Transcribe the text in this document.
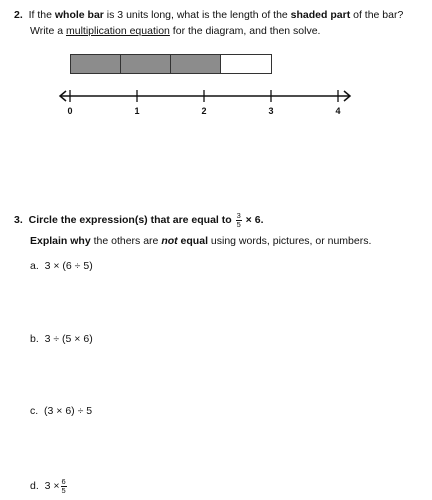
2. If the whole bar is 3 units long, what is the length of the shaded part of the bar?
Write a multiplication equation for the diagram, and then solve.
0	1	2	3	4
3. Circle the expression(s) that are equal to $\frac{3}{5} \times 6$.
Explain why the others are not equal using words, pictures, or numbers.
a. 3 × (6 ÷ 5)
b. 3 ÷ (5 × 6)
c. (3 × 6) ÷ 5
d. $3 \times \frac{6}{5}$
